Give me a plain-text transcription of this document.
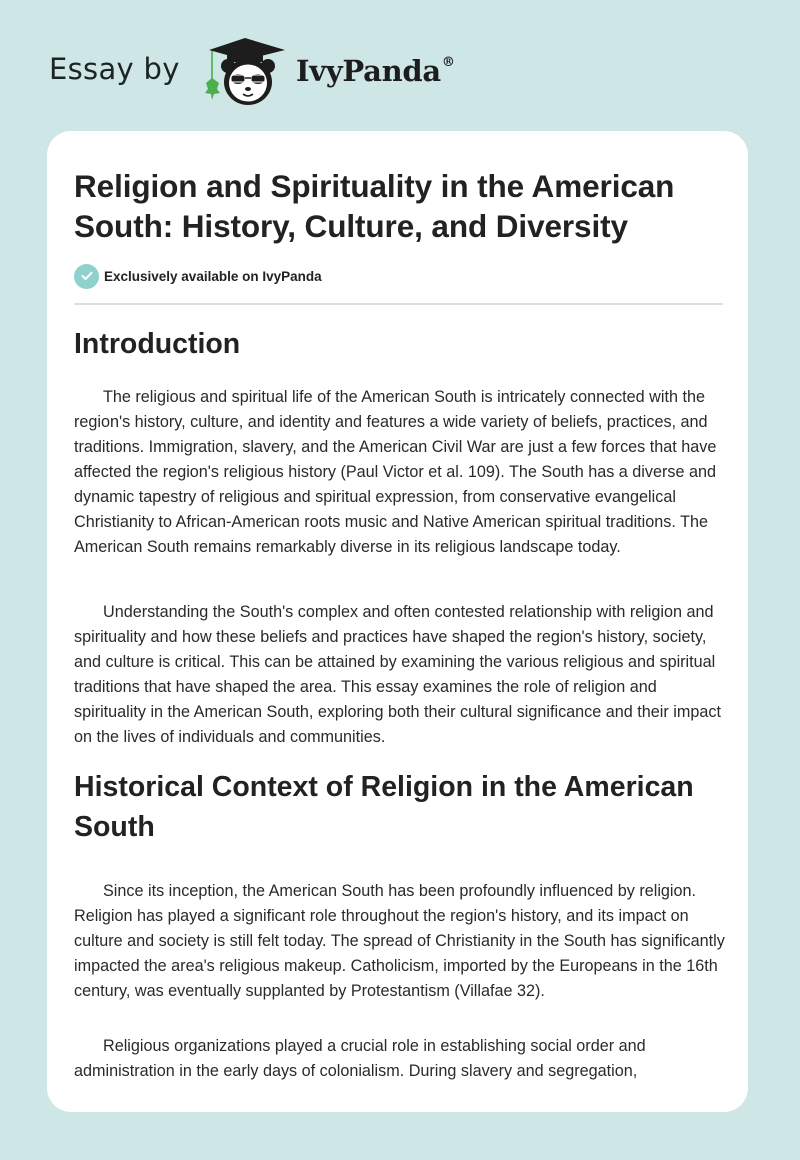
Essay by	IvyPanda®
Religion and Spirituality in the American South: History, Culture, and Diversity
Exclusively available on IvyPanda
Introduction

The religious and spiritual life of the American South is intricately connected with the region's history, culture, and identity and features a wide variety of beliefs, practices, and traditions. Immigration, slavery, and the American Civil War are just a few forces that have affected the region's religious history (Paul Victor et al. 109). The South has a diverse and dynamic tapestry of religious and spiritual expression, from conservative evangelical Christianity to African-American roots music and Native American spiritual traditions. The American South remains remarkably diverse in its religious landscape today.

Understanding the South's complex and often contested relationship with religion and spirituality and how these beliefs and practices have shaped the region's history, society, and culture is critical. This can be attained by examining the various religious and spiritual traditions that have shaped the area. This essay examines the role of religion and spirituality in the American South, exploring both their cultural significance and their impact on the lives of individuals and communities.

Historical Context of Religion in the American South

Since its inception, the American South has been profoundly influenced by religion. Religion has played a significant role throughout the region's history, and its impact on culture and society is still felt today. The spread of Christianity in the South has significantly impacted the area's religious makeup. Catholicism, imported by the Europeans in the 16th century, was eventually supplanted by Protestantism (Villafae 32).

Religious organizations played a crucial role in establishing social order and administration in the early days of colonialism. During slavery and segregation,
